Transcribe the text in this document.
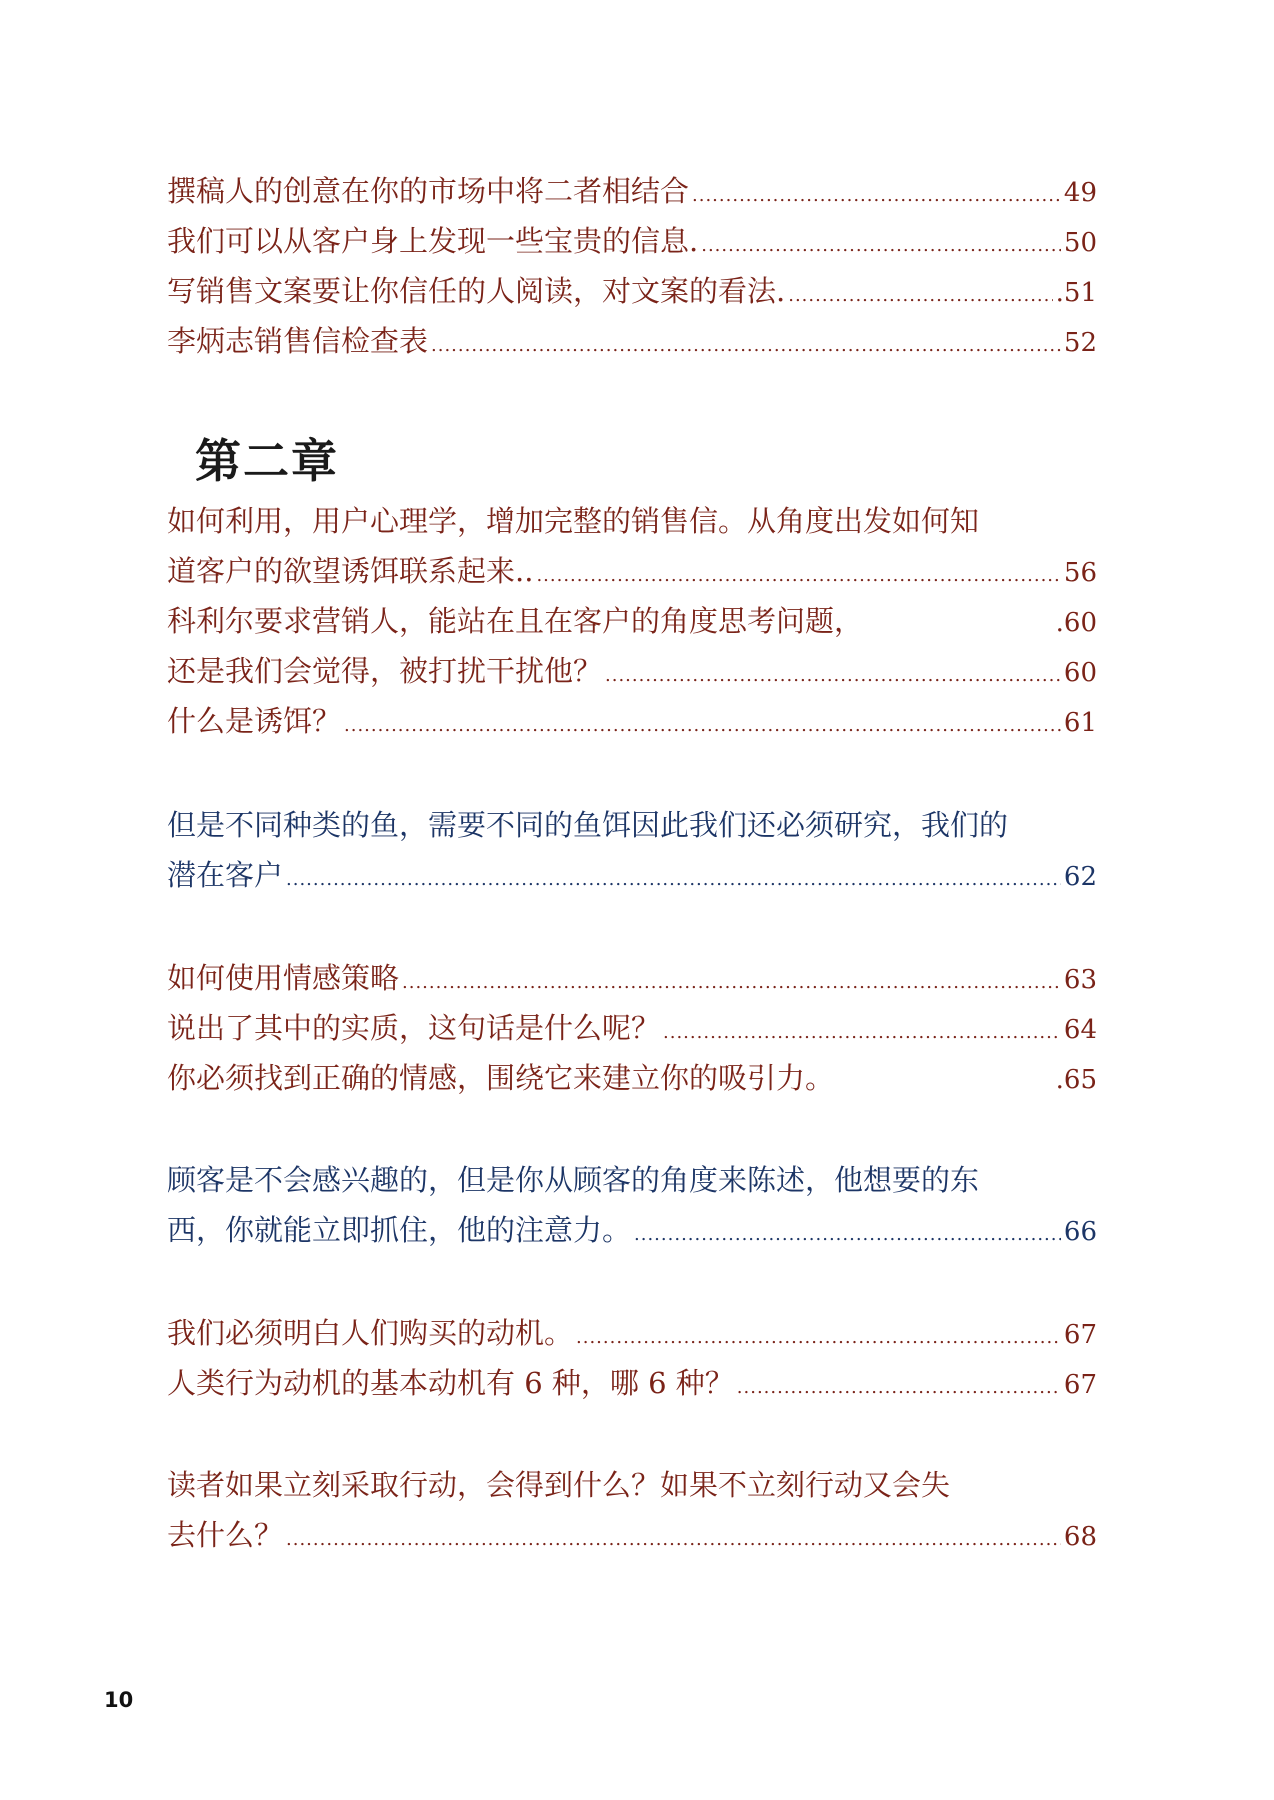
撰稿人的创意在你的市场中将二者相结合 .....	49
我们可以从客户身上发现一些宝贵的信息. .....	50
写销售文案要让你信任的人阅读，对文案的看法. .....	.51
李炳志销售信检查表 .....	52
第二章
如何利用，用户心理学，增加完整的销售信。从角度出发如何知
道客户的欲望诱饵联系起来.. .....	56
科利尔要求营销人，能站在且在客户的角度思考问题，	.60
还是我们会觉得，被打扰干扰他？ .....	60
什么是诱饵？ .....	61
但是不同种类的鱼，需要不同的鱼饵因此我们还必须研究，我们的
潜在客户 .....	62
如何使用情感策略 .....	63
说出了其中的实质，这句话是什么呢？ .....	64
你必须找到正确的情感，围绕它来建立你的吸引力。	.65
顾客是不会感兴趣的，但是你从顾客的角度来陈述，他想要的东
西，你就能立即抓住，他的注意力。 .....	66
我们必须明白人们购买的动机。 .....	67
人类行为动机的基本动机有 6 种，哪 6 种？ .....	67
读者如果立刻采取行动，会得到什么？如果不立刻行动又会失
去什么？ .....	68
10
